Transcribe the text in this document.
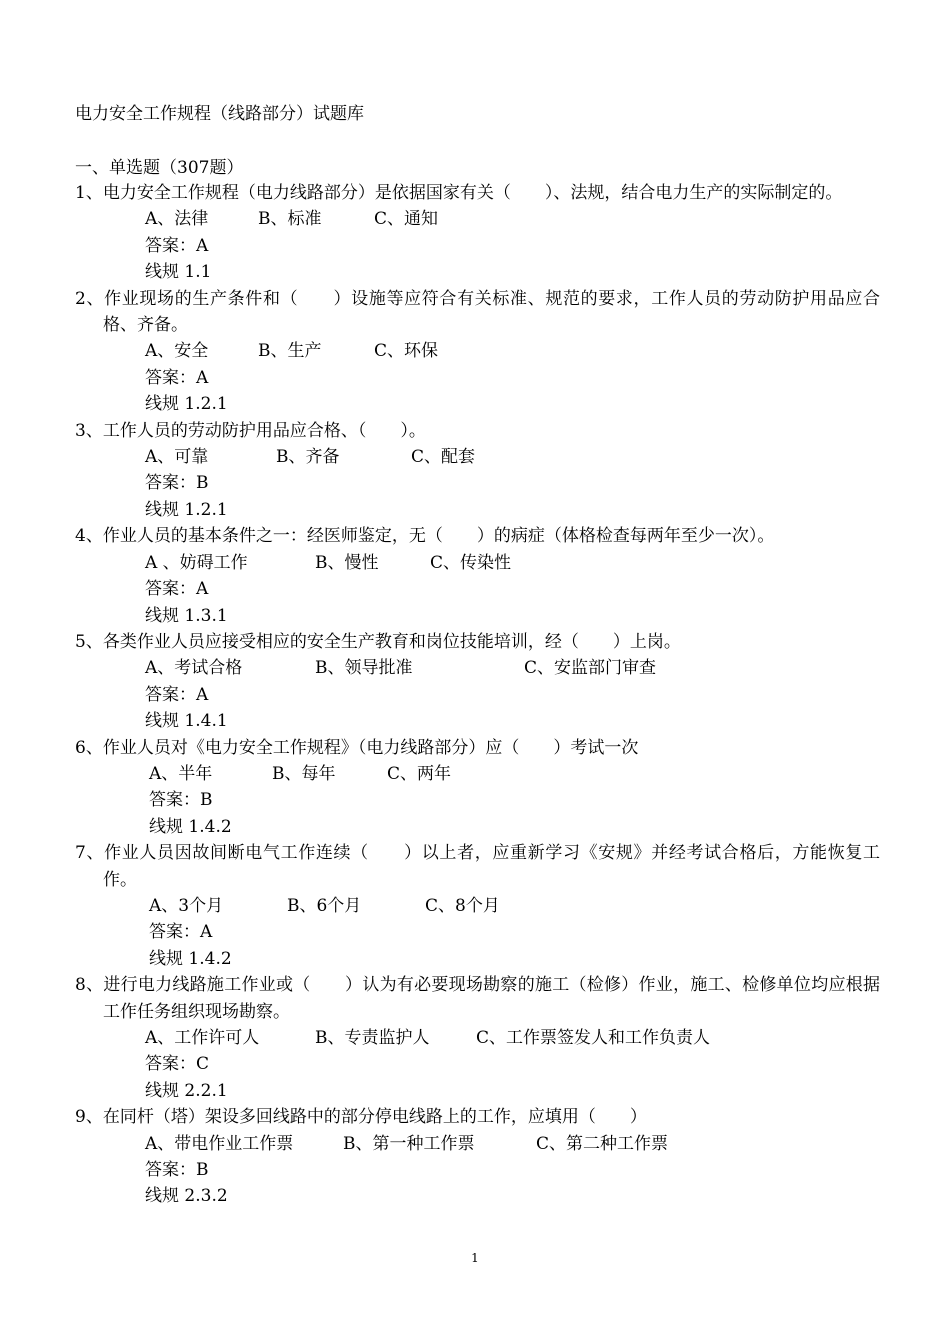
电力安全工作规程（线路部分）试题库
一、单选题（307题）
1、电力安全工作规程（电力线路部分）是依据国家有关（　　）、法规，结合电力生产的实际制定的。
A、法律	B、标准	C、通知
答案：A
线规 1.1
2、作业现场的生产条件和（　　）设施等应符合有关标准、规范的要求，工作人员的劳动防护用品应合格、齐备。
A、安全	B、生产	C、环保
答案：A
线规 1.2.1
3、工作人员的劳动防护用品应合格、（　　）。
A、可靠	B、齐备	C、配套
答案：B
线规 1.2.1
4、作业人员的基本条件之一：经医师鉴定，无（　　）的病症（体格检查每两年至少一次）。
A 、妨碍工作	B、慢性	C、传染性
答案：A
线规 1.3.1
5、各类作业人员应接受相应的安全生产教育和岗位技能培训，经（　　）上岗。
A、考试合格	B、领导批准	C、安监部门审查
答案：A
线规 1.4.1
6、作业人员对《电力安全工作规程》（电力线路部分）应（　　）考试一次
A、半年	B、每年	C、两年
答案：B
线规 1.4.2
7、作业人员因故间断电气工作连续（　　）以上者，应重新学习《安规》并经考试合格后，方能恢复工作。
A、3个月	B、6个月	C、8个月
答案：A
线规 1.4.2
8、进行电力线路施工作业或（　　）认为有必要现场勘察的施工（检修）作业，施工、检修单位均应根据工作任务组织现场勘察。
A、工作许可人	B、专责监护人	C、工作票签发人和工作负责人
答案：C
线规 2.2.1
9、在同杆（塔）架设多回线路中的部分停电线路上的工作，应填用（　　）
A、带电作业工作票	B、第一种工作票	C、第二种工作票
答案：B
线规 2.3.2
1
